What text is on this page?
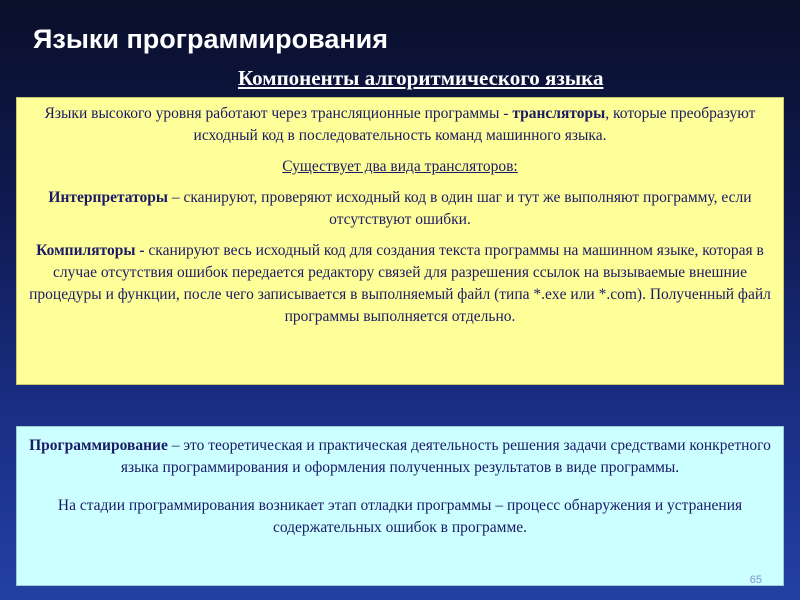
Языки программирования
Компоненты алгоритмического языка

Языки высокого уровня работают через трансляционные программы - трансляторы, которые преобразуют исходный код в последовательность команд машинного языка.

Существует два вида трансляторов:

Интерпретаторы – сканируют, проверяют исходный код в один шаг и тут же выполняют программу, если отсутствуют ошибки.

Компиляторы - сканируют весь исходный код для создания текста программы на машинном языке, которая в случае отсутствия ошибок передается редактору связей для разрешения ссылок на вызываемые внешние процедуры и функции, после чего записывается в выполняемый файл (типа *.exe или *.com). Полученный файл программы выполняется отдельно.

Программирование – это теоретическая и практическая деятельность решения задачи средствами конкретного языка программирования и оформления полученных результатов в виде программы.

На стадии программирования возникает этап отладки программы – процесс обнаружения и устранения содержательных ошибок в программе.

65
